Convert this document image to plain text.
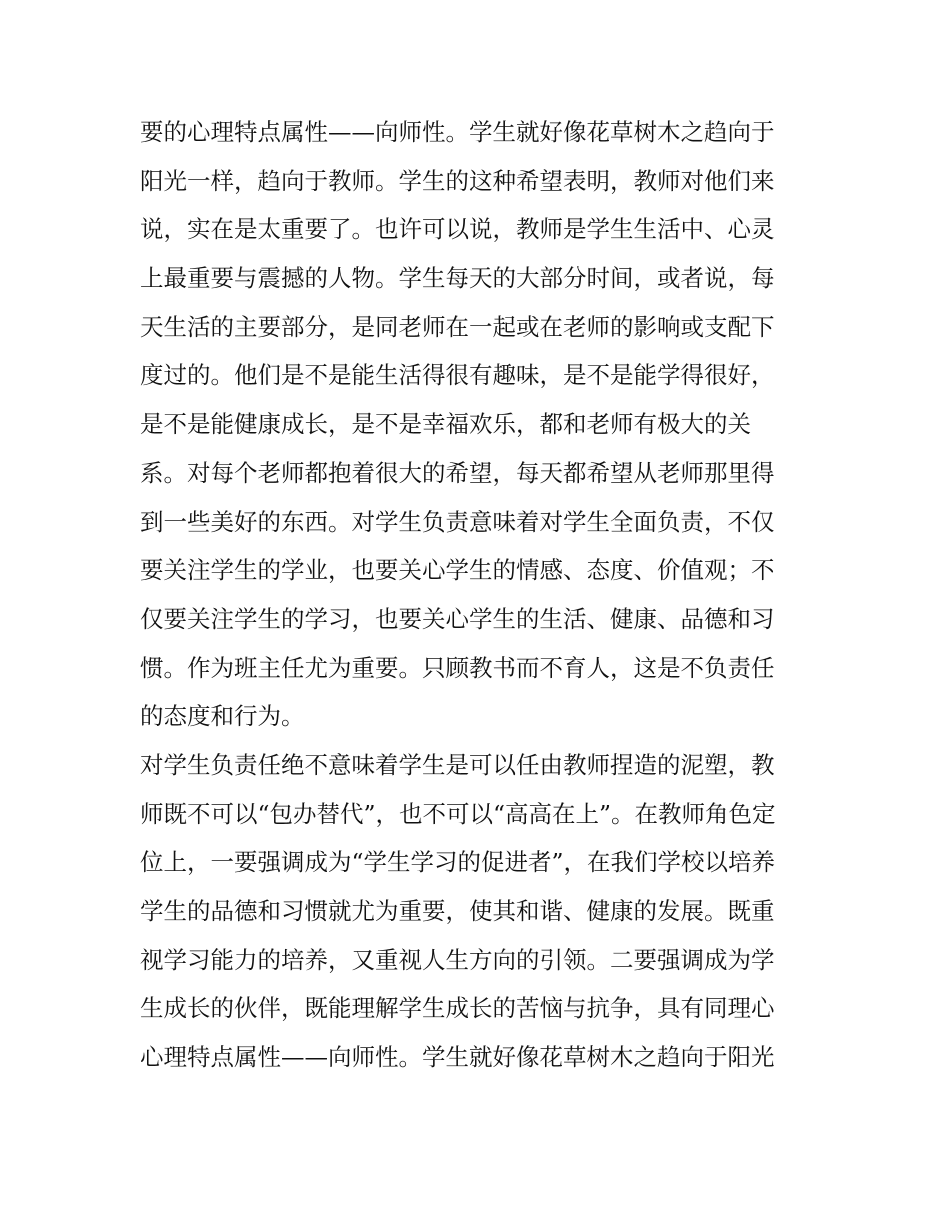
要的心理特点属性——向师性。学生就好像花草树木之趋向于
阳光一样，趋向于教师。学生的这种希望表明，教师对他们来
说，实在是太重要了。也许可以说，教师是学生生活中、心灵
上最重要与震撼的人物。学生每天的大部分时间，或者说，每
天生活的主要部分，是同老师在一起或在老师的影响或支配下
度过的。他们是不是能生活得很有趣味，是不是能学得很好，
是不是能健康成长，是不是幸福欢乐，都和老师有极大的关
系。对每个老师都抱着很大的希望，每天都希望从老师那里得
到一些美好的东西。对学生负责意味着对学生全面负责，不仅
要关注学生的学业，也要关心学生的情感、态度、价值观；不
仅要关注学生的学习，也要关心学生的生活、健康、品德和习
惯。作为班主任尤为重要。只顾教书而不育人，这是不负责任
的态度和行为。
对学生负责任绝不意味着学生是可以任由教师捏造的泥塑，教
师既不可以“包办替代”，也不可以“高高在上”。在教师角色定
位上，一要强调成为“学生学习的促进者”，在我们学校以培养
学生的品德和习惯就尤为重要，使其和谐、健康的发展。既重
视学习能力的培养，又重视人生方向的引领。二要强调成为学
生成长的伙伴，既能理解学生成长的苦恼与抗争，具有同理心
心理特点属性——向师性。学生就好像花草树木之趋向于阳光
